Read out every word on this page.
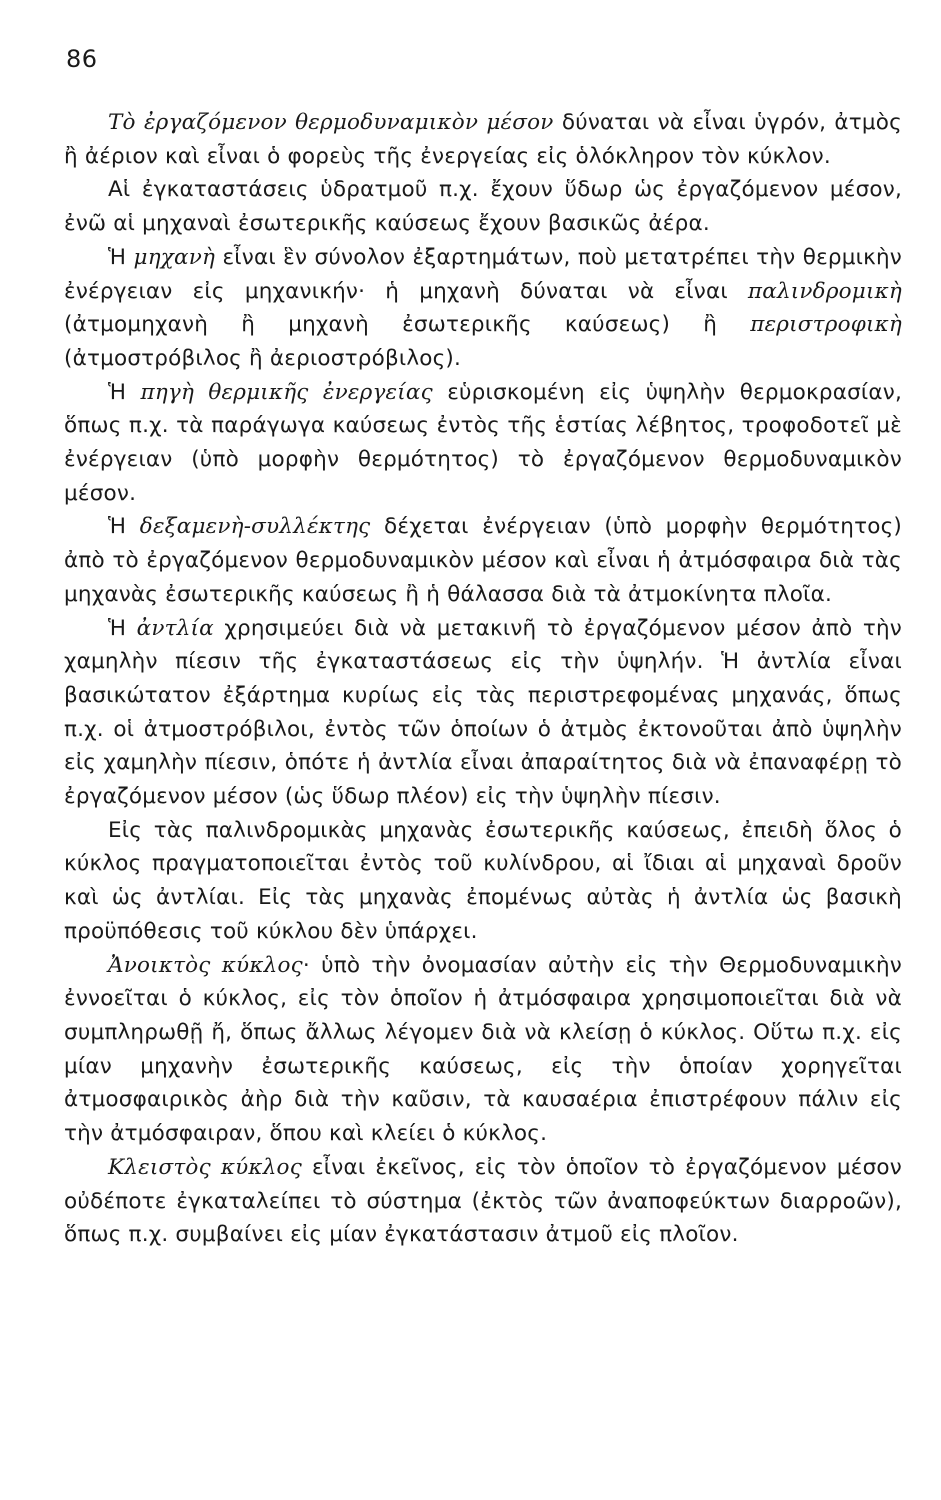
86

Τὸ ἐργαζόμενον θερμοδυναμικὸν μέσον δύναται νὰ εἶναι ὑγρόν, ἀτμὸς ἢ ἀέριον καὶ εἶναι ὁ φορεὺς τῆς ἐνεργείας εἰς ὁλόκληρον τὸν κύκλον.

Αἱ ἐγκαταστάσεις ὑδρατμοῦ π.χ. ἔχουν ὕδωρ ὡς ἐργαζόμενον μέσον, ἐνῶ αἱ μηχαναὶ ἐσωτερικῆς καύσεως ἔχουν βασικῶς ἀέρα.

Ἡ μηχανὴ εἶναι ἓν σύνολον ἐξαρτημάτων, ποὺ μετατρέπει τὴν θερμικὴν ἐνέργειαν εἰς μηχανικήν· ἡ μηχανὴ δύναται νὰ εἶναι παλινδρομικὴ (ἀτμομηχανὴ ἢ μηχανὴ ἐσωτερικῆς καύσεως) ἢ περιστροφικὴ (ἀτμοστρόβιλος ἢ ἀεριοστρόβιλος).

Ἡ πηγὴ θερμικῆς ἐνεργείας εὑρισκομένη εἰς ὑψηλὴν θερμοκρασίαν, ὅπως π.χ. τὰ παράγωγα καύσεως ἐντὸς τῆς ἑστίας λέβητος, τροφοδοτεῖ μὲ ἐνέργειαν (ὑπὸ μορφὴν θερμότητος) τὸ ἐργαζόμενον θερμοδυναμικὸν μέσον.

Ἡ δεξαμενὴ-συλλέκτης δέχεται ἐνέργειαν (ὑπὸ μορφὴν θερμότητος) ἀπὸ τὸ ἐργαζόμενον θερμοδυναμικὸν μέσον καὶ εἶναι ἡ ἀτμόσφαιρα διὰ τὰς μηχανὰς ἐσωτερικῆς καύσεως ἢ ἡ θάλασσα διὰ τὰ ἀτμοκίνητα πλοῖα.

Ἡ ἀντλία χρησιμεύει διὰ νὰ μετακινῆ τὸ ἐργαζόμενον μέσον ἀπὸ τὴν χαμηλὴν πίεσιν τῆς ἐγκαταστάσεως εἰς τὴν ὑψηλήν. Ἡ ἀντλία εἶναι βασικώτατον ἐξάρτημα κυρίως εἰς τὰς περιστρεφομένας μηχανάς, ὅπως π.χ. οἱ ἀτμοστρόβιλοι, ἐντὸς τῶν ὁποίων ὁ ἀτμὸς ἐκτονοῦται ἀπὸ ὑψηλὴν εἰς χαμηλὴν πίεσιν, ὁπότε ἡ ἀντλία εἶναι ἀπαραίτητος διὰ νὰ ἐπαναφέρῃ τὸ ἐργαζόμενον μέσον (ὡς ὕδωρ πλέον) εἰς τὴν ὑψηλὴν πίεσιν.

Εἰς τὰς παλινδρομικὰς μηχανὰς ἐσωτερικῆς καύσεως, ἐπειδὴ ὅλος ὁ κύκλος πραγματοποιεῖται ἐντὸς τοῦ κυλίνδρου, αἱ ἴδιαι αἱ μηχαναὶ δροῦν καὶ ὡς ἀντλίαι. Εἰς τὰς μηχανὰς ἐπομένως αὐτὰς ἡ ἀντλία ὡς βασικὴ προϋπόθεσις τοῦ κύκλου δὲν ὑπάρχει.

Ἀνοικτὸς κύκλος· ὑπὸ τὴν ὀνομασίαν αὐτὴν εἰς τὴν Θερμοδυναμικὴν ἐννοεῖται ὁ κύκλος, εἰς τὸν ὁποῖον ἡ ἀτμόσφαιρα χρησιμοποιεῖται διὰ νὰ συμπληρωθῇ ἤ, ὅπως ἄλλως λέγομεν διὰ νὰ κλείσῃ ὁ κύκλος. Οὕτω π.χ. εἰς μίαν μηχανὴν ἐσωτερικῆς καύσεως, εἰς τὴν ὁποίαν χορηγεῖται ἀτμοσφαιρικὸς ἀὴρ διὰ τὴν καῦσιν, τὰ καυσαέρια ἐπιστρέφουν πάλιν εἰς τὴν ἀτμόσφαιραν, ὅπου καὶ κλείει ὁ κύκλος.

Κλειστὸς κύκλος εἶναι ἐκεῖνος, εἰς τὸν ὁποῖον τὸ ἐργαζόμενον μέσον οὐδέποτε ἐγκαταλείπει τὸ σύστημα (ἐκτὸς τῶν ἀναποφεύκτων διαρροῶν), ὅπως π.χ. συμβαίνει εἰς μίαν ἐγκατάστασιν ἀτμοῦ εἰς πλοῖον.
